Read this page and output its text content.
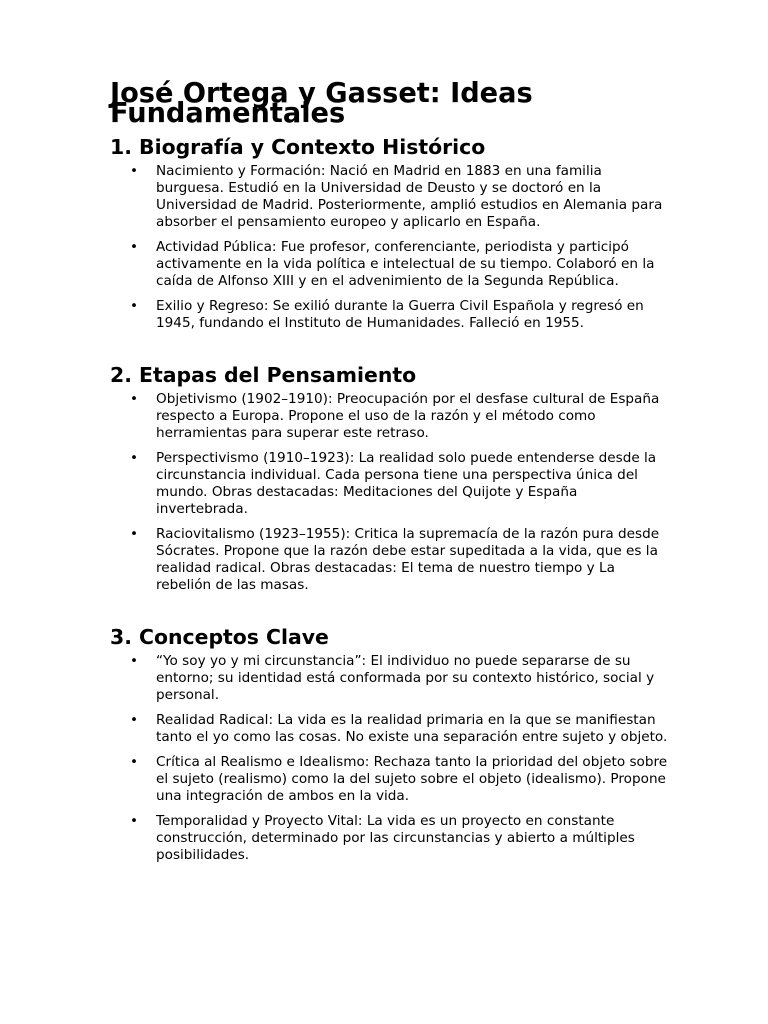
José Ortega y Gasset: Ideas Fundamentales
1. Biografía y Contexto Histórico
• Nacimiento y Formación: Nació en Madrid en 1883 en una familia burguesa. Estudió en la Universidad de Deusto y se doctoró en la Universidad de Madrid. Posteriormente, amplió estudios en Alemania para absorber el pensamiento europeo y aplicarlo en España.
• Actividad Pública: Fue profesor, conferenciante, periodista y participó activamente en la vida política e intelectual de su tiempo. Colaboró en la caída de Alfonso XIII y en el advenimiento de la Segunda República.
• Exilio y Regreso: Se exilió durante la Guerra Civil Española y regresó en 1945, fundando el Instituto de Humanidades. Falleció en 1955.
2. Etapas del Pensamiento
• Objetivismo (1902–1910): Preocupación por el desfase cultural de España respecto a Europa. Propone el uso de la razón y el método como herramientas para superar este retraso.
• Perspectivismo (1910–1923): La realidad solo puede entenderse desde la circunstancia individual. Cada persona tiene una perspectiva única del mundo. Obras destacadas: Meditaciones del Quijote y España invertebrada.
• Raciovitalismo (1923–1955): Critica la supremacía de la razón pura desde Sócrates. Propone que la razón debe estar supeditada a la vida, que es la realidad radical. Obras destacadas: El tema de nuestro tiempo y La rebelión de las masas.
3. Conceptos Clave
• “Yo soy yo y mi circunstancia”: El individuo no puede separarse de su entorno; su identidad está conformada por su contexto histórico, social y personal.
• Realidad Radical: La vida es la realidad primaria en la que se manifiestan tanto el yo como las cosas. No existe una separación entre sujeto y objeto.
• Crítica al Realismo e Idealismo: Rechaza tanto la prioridad del objeto sobre el sujeto (realismo) como la del sujeto sobre el objeto (idealismo). Propone una integración de ambos en la vida.
• Temporalidad y Proyecto Vital: La vida es un proyecto en constante construcción, determinado por las circunstancias y abierto a múltiples posibilidades.
